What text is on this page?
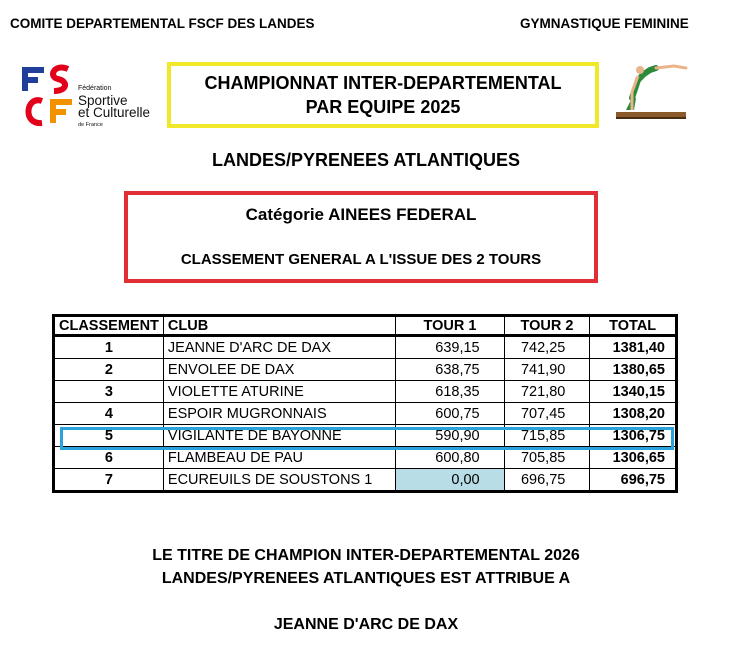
COMITE DEPARTEMENTAL FSCF DES LANDES	GYMNASTIQUE FEMININE
Fédération
Sportive
et Culturelle
de France
CHAMPIONNAT INTER-DEPARTEMENTAL
PAR EQUIPE 2025
LANDES/PYRENEES ATLANTIQUES
Catégorie AINEES FEDERAL
CLASSEMENT GENERAL A L'ISSUE DES 2 TOURS
CLASSEMENT	CLUB	TOUR 1	TOUR 2	TOTAL
1	JEANNE D'ARC DE DAX	639,15	742,25	1381,40
2	ENVOLEE DE DAX	638,75	741,90	1380,65
3	VIOLETTE ATURINE	618,35	721,80	1340,15
4	ESPOIR MUGRONNAIS	600,75	707,45	1308,20
5	VIGILANTE DE BAYONNE	590,90	715,85	1306,75
6	FLAMBEAU DE PAU	600,80	705,85	1306,65
7	ECUREUILS DE SOUSTONS 1	0,00	696,75	696,75
LE TITRE DE CHAMPION INTER-DEPARTEMENTAL 2026
LANDES/PYRENEES ATLANTIQUES EST ATTRIBUE A
JEANNE D'ARC DE DAX
